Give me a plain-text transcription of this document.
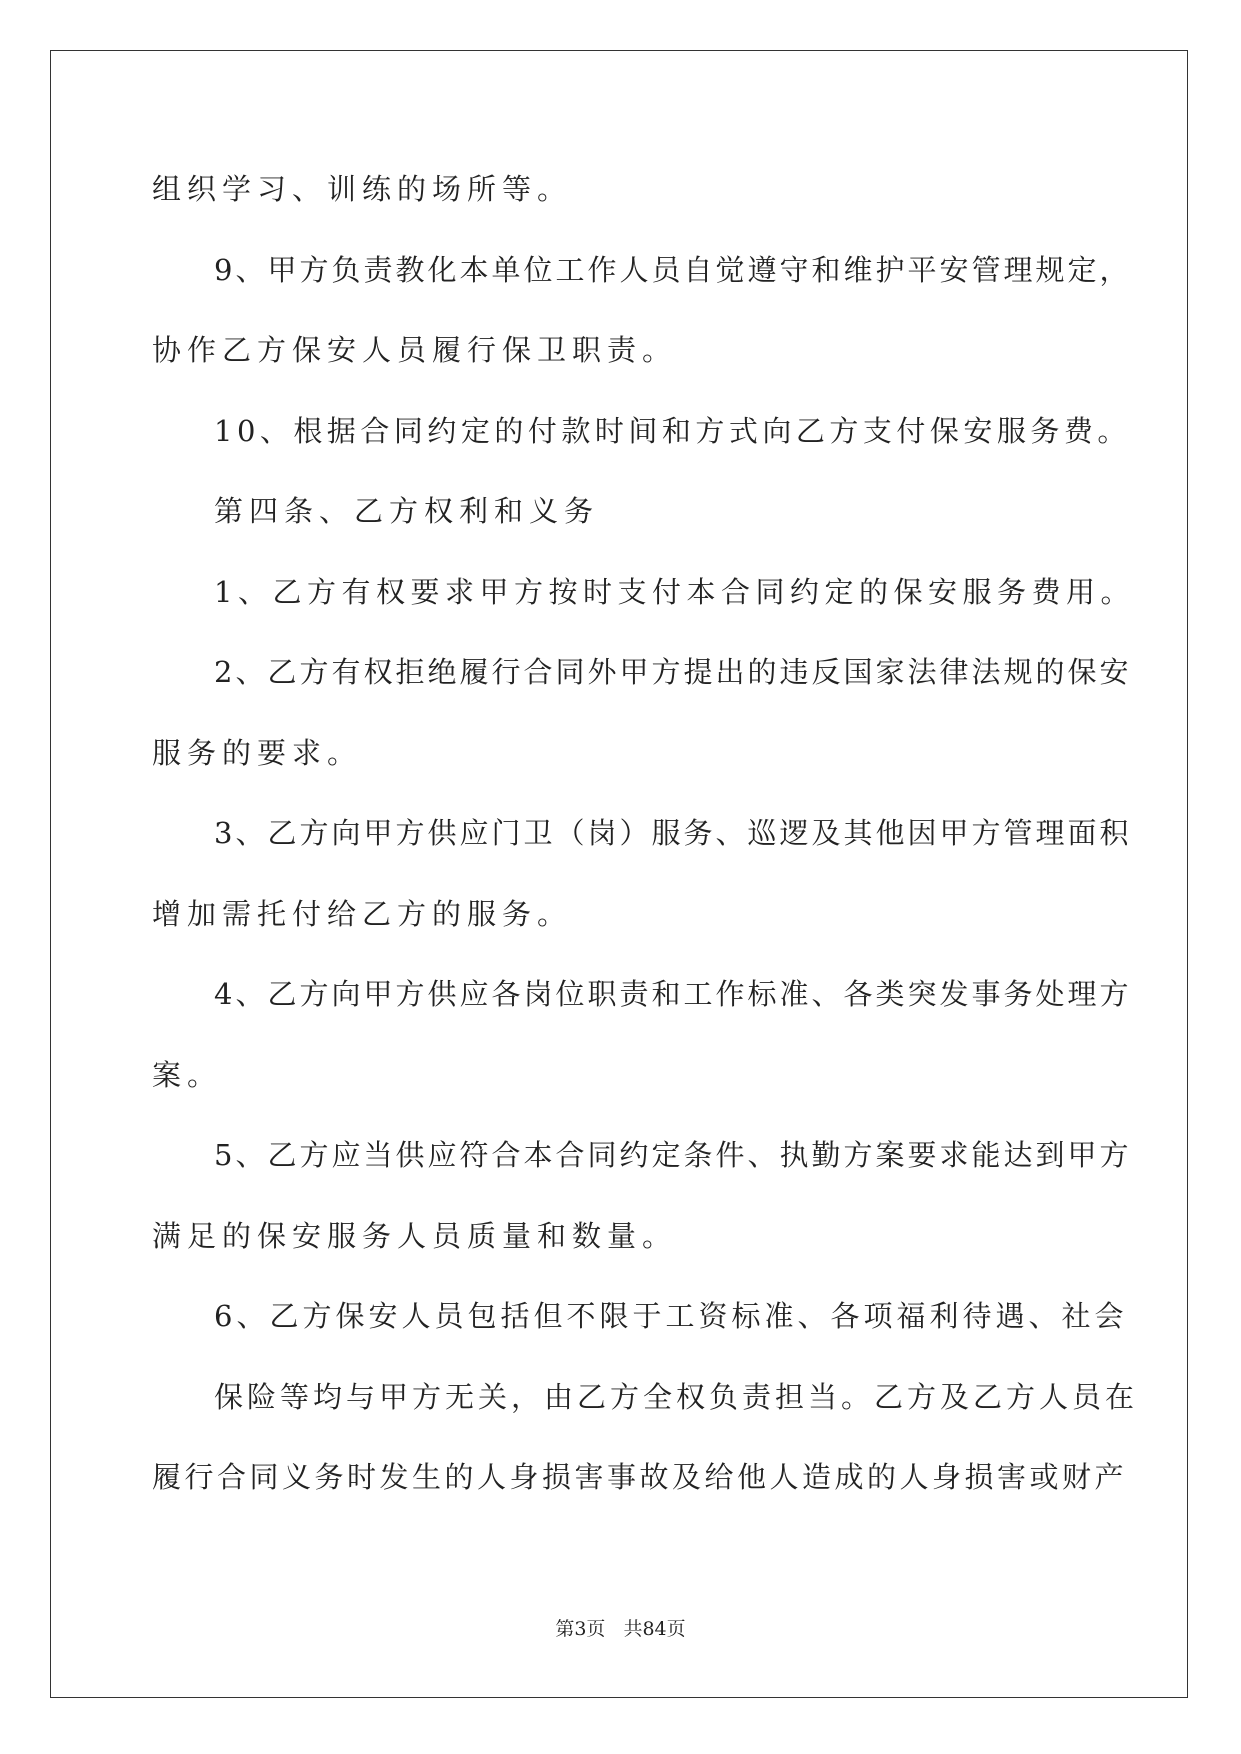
组织学习、训练的场所等。
9、甲方负责教化本单位工作人员自觉遵守和维护平安管理规定，
协作乙方保安人员履行保卫职责。
10、根据合同约定的付款时间和方式向乙方支付保安服务费。
第四条、乙方权利和义务
1、乙方有权要求甲方按时支付本合同约定的保安服务费用。
2、乙方有权拒绝履行合同外甲方提出的违反国家法律法规的保安
服务的要求。
3、乙方向甲方供应门卫（岗）服务、巡逻及其他因甲方管理面积
增加需托付给乙方的服务。
4、乙方向甲方供应各岗位职责和工作标准、各类突发事务处理方
案。
5、乙方应当供应符合本合同约定条件、执勤方案要求能达到甲方
满足的保安服务人员质量和数量。
6、乙方保安人员包括但不限于工资标准、各项福利待遇、社会
保险等均与甲方无关，由乙方全权负责担当。乙方及乙方人员在
履行合同义务时发生的人身损害事故及给他人造成的人身损害或财产
第3页 共84页
